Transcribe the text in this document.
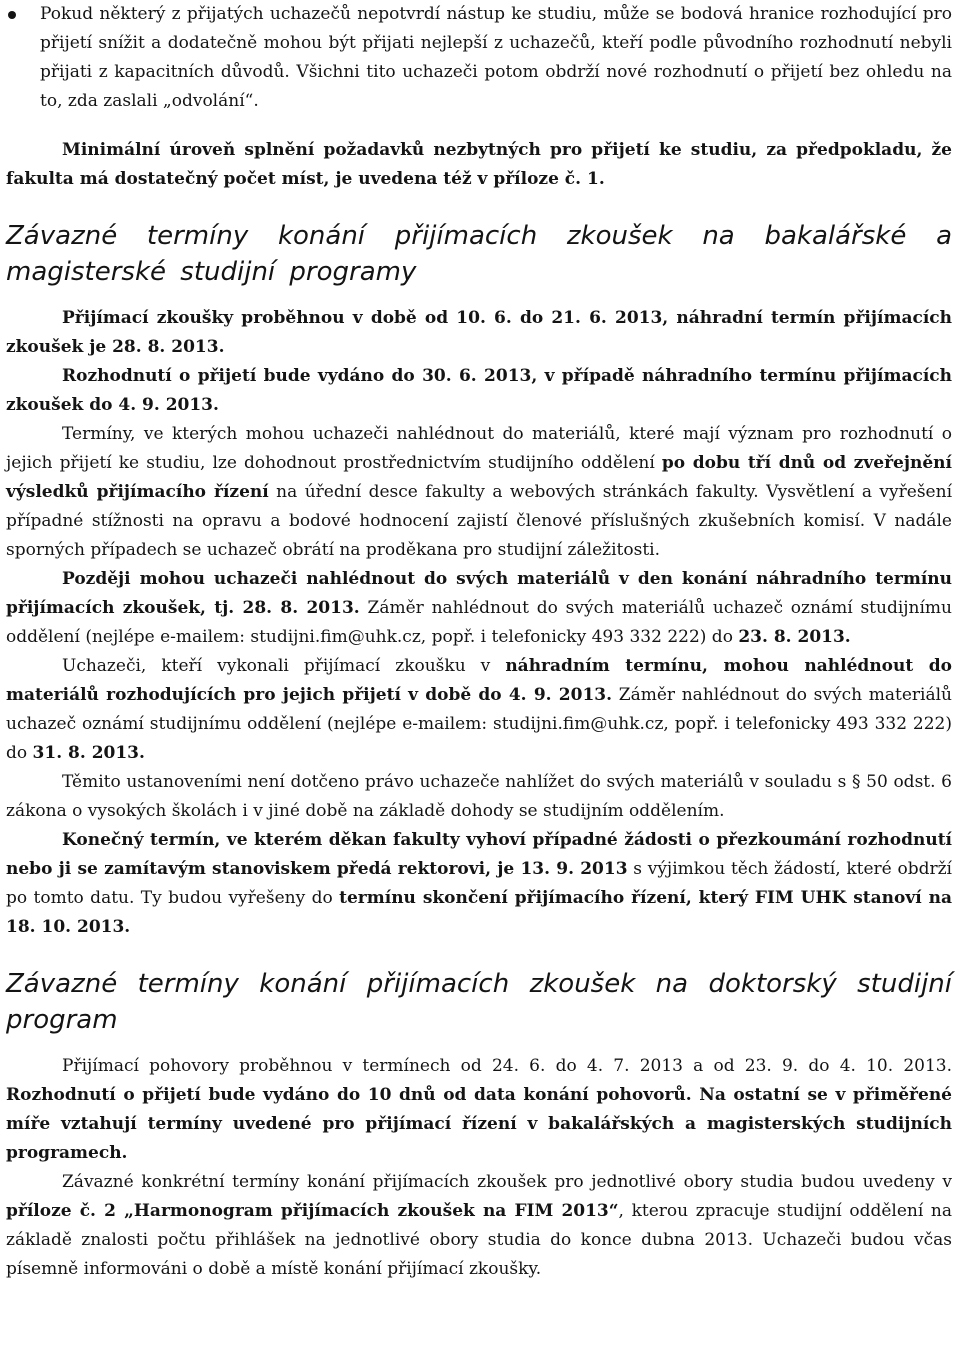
Pokud některý z přijatých uchazečů nepotvrdí nástup ke studiu, může se bodová hranice rozhodující pro přijetí snížit a dodatečně mohou být přijati nejlepší z uchazečů, kteří podle původního rozhodnutí nebyli přijati z kapacitních důvodů. Všichni tito uchazeči potom obdrží nové rozhodnutí o přijetí bez ohledu na to, zda zaslali „odvolání“.

Minimální úroveň splnění požadavků nezbytných pro přijetí ke studiu, za předpokladu, že fakulta má dostatečný počet míst, je uvedena též v příloze č. 1.

Závazné termíny konání přijímacích zkoušek na bakalářské a magisterské studijní programy

Přijímací zkoušky proběhnou v době od 10. 6. do 21. 6. 2013, náhradní termín přijímacích zkoušek je 28. 8. 2013.

Rozhodnutí o přijetí bude vydáno do 30. 6. 2013, v případě náhradního termínu přijímacích zkoušek do 4. 9. 2013.

Termíny, ve kterých mohou uchazeči nahlédnout do materiálů, které mají význam pro rozhodnutí o jejich přijetí ke studiu, lze dohodnout prostřednictvím studijního oddělení po dobu tří dnů od zveřejnění výsledků přijímacího řízení na úřední desce fakulty a webových stránkách fakulty. Vysvětlení a vyřešení případné stížnosti na opravu a bodové hodnocení zajistí členové příslušných zkušebních komisí. V nadále sporných případech se uchazeč obrátí na proděkana pro studijní záležitosti.

Později mohou uchazeči nahlédnout do svých materiálů v den konání náhradního termínu přijímacích zkoušek, tj. 28. 8. 2013. Záměr nahlédnout do svých materiálů uchazeč oznámí studijnímu oddělení (nejlépe e-mailem: studijni.fim@uhk.cz, popř. i telefonicky 493 332 222) do 23. 8. 2013.

Uchazeči, kteří vykonali přijímací zkoušku v náhradním termínu, mohou nahlédnout do materiálů rozhodujících pro jejich přijetí v době do 4. 9. 2013. Záměr nahlédnout do svých materiálů uchazeč oznámí studijnímu oddělení (nejlépe e-mailem: studijni.fim@uhk.cz, popř. i telefonicky 493 332 222) do 31. 8. 2013.

Těmito ustanoveními není dotčeno právo uchazeče nahlížet do svých materiálů v souladu s § 50 odst. 6 zákona o vysokých školách i v jiné době na základě dohody se studijním oddělením.

Konečný termín, ve kterém děkan fakulty vyhoví případné žádosti o přezkoumání rozhodnutí nebo ji se zamítavým stanoviskem předá rektorovi, je 13. 9. 2013 s výjimkou těch žádostí, které obdrží po tomto datu. Ty budou vyřešeny do termínu skončení přijímacího řízení, který FIM UHK stanoví na 18. 10. 2013.

Závazné termíny konání přijímacích zkoušek na doktorský studijní program

Přijímací pohovory proběhnou v termínech od 24. 6. do 4. 7. 2013 a od 23. 9. do 4. 10. 2013. Rozhodnutí o přijetí bude vydáno do 10 dnů od data konání pohovorů. Na ostatní se v přiměřené míře vztahují termíny uvedené pro přijímací řízení v bakalářských a magisterských studijních programech.

Závazné konkrétní termíny konání přijímacích zkoušek pro jednotlivé obory studia budou uvedeny v příloze č. 2 „Harmonogram přijímacích zkoušek na FIM 2013“, kterou zpracuje studijní oddělení na základě znalosti počtu přihlášek na jednotlivé obory studia do konce dubna 2013. Uchazeči budou včas písemně informováni o době a místě konání přijímací zkoušky.
